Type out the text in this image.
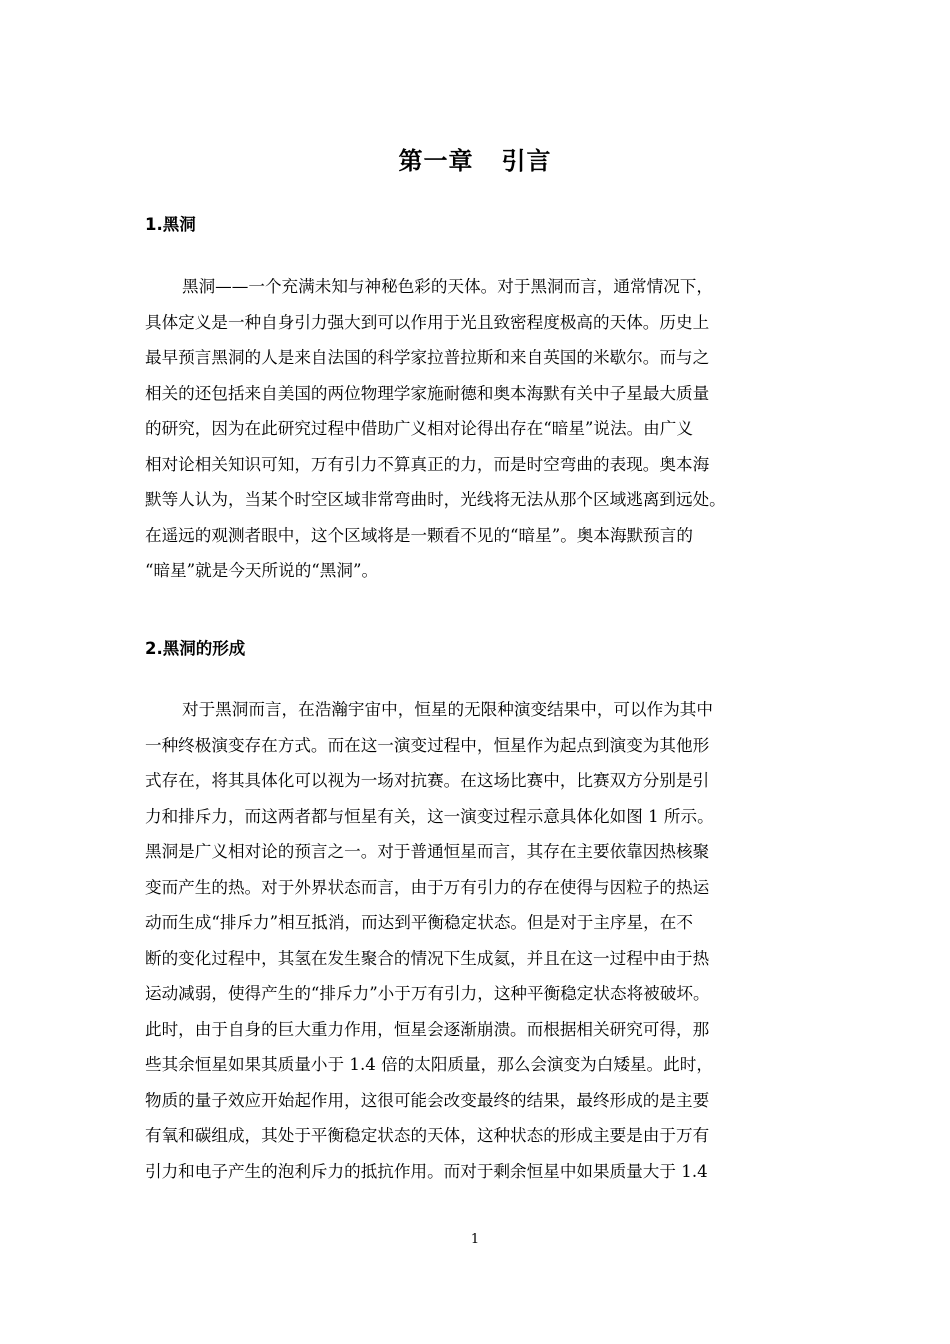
第一章   引言
1.黑洞
黑洞——一个充满未知与神秘色彩的天体。对于黑洞而言，通常情况下，
具体定义是一种自身引力强大到可以作用于光且致密程度极高的天体。历史上
最早预言黑洞的人是来自法国的科学家拉普拉斯和来自英国的米歇尔。而与之
相关的还包括来自美国的两位物理学家施耐德和奥本海默有关中子星最大质量
的研究，因为在此研究过程中借助广义相对论得出存在“暗星”说法。由广义
相对论相关知识可知，万有引力不算真正的力，而是时空弯曲的表现。奥本海
默等人认为，当某个时空区域非常弯曲时，光线将无法从那个区域逃离到远处。
在遥远的观测者眼中，这个区域将是一颗看不见的“暗星”。奥本海默预言的
“暗星”就是今天所说的“黑洞”。
2.黑洞的形成
对于黑洞而言，在浩瀚宇宙中，恒星的无限种演变结果中，可以作为其中
一种终极演变存在方式。而在这一演变过程中，恒星作为起点到演变为其他形
式存在，将其具体化可以视为一场对抗赛。在这场比赛中，比赛双方分别是引
力和排斥力，而这两者都与恒星有关，这一演变过程示意具体化如图 1 所示。
黑洞是广义相对论的预言之一。对于普通恒星而言，其存在主要依靠因热核聚
变而产生的热。对于外界状态而言，由于万有引力的存在使得与因粒子的热运
动而生成“排斥力”相互抵消，而达到平衡稳定状态。但是对于主序星，在不
断的变化过程中，其氢在发生聚合的情况下生成氦，并且在这一过程中由于热
运动减弱，使得产生的“排斥力”小于万有引力，这种平衡稳定状态将被破坏。
此时，由于自身的巨大重力作用，恒星会逐渐崩溃。而根据相关研究可得，那
些其余恒星如果其质量小于 1.4 倍的太阳质量，那么会演变为白矮星。此时，
物质的量子效应开始起作用，这很可能会改变最终的结果，最终形成的是主要
有氧和碳组成，其处于平衡稳定状态的天体，这种状态的形成主要是由于万有
引力和电子产生的泡利斥力的抵抗作用。而对于剩余恒星中如果质量大于 1.4
1
